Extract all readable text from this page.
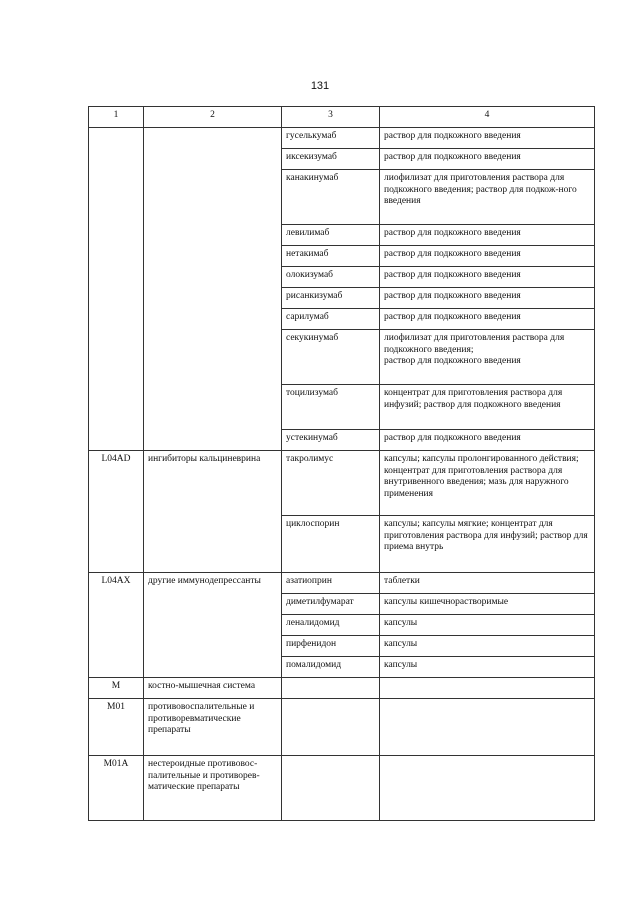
131
1	2	3	4
		гуселькумаб	раствор для подкожного введения
		иксекизумаб	раствор для подкожного введения
		канакинумаб	лиофилизат для приготовления раствора для подкожного введения; раствор для подкож-ного введения
		левилимаб	раствор для подкожного введения
		нетакимаб	раствор для подкожного введения
		олокизумаб	раствор для подкожного введения
		рисанкизумаб	раствор для подкожного введения
		сарилумаб	раствор для подкожного введения
		секукинумаб	лиофилизат для приготовления раствора для подкожного введения;
раствор для подкожного введения
		тоцилизумаб	концентрат для приготовления раствора для инфузий; раствор для подкожного введения
		устекинумаб	раствор для подкожного введения
L04AD	ингибиторы кальциневрина	такролимус	капсулы; капсулы пролонгированного действия; концентрат для приготовления раствора для внутривенного введения; мазь для наружного применения
		циклоспорин	капсулы; капсулы мягкие; концентрат для приготовления раствора для инфузий; раствор для приема внутрь
L04AX	другие иммунодепрессанты	азатиоприн	таблетки
		диметилфумарат	капсулы кишечнорастворимые
		леналидомид	капсулы
		пирфенидон	капсулы
		помалидомид	капсулы
M	костно-мышечная система		
M01	противовоспалительные и противоревматические препараты		
M01A	нестероидные противовос-палительные и противорев-матические препараты		
